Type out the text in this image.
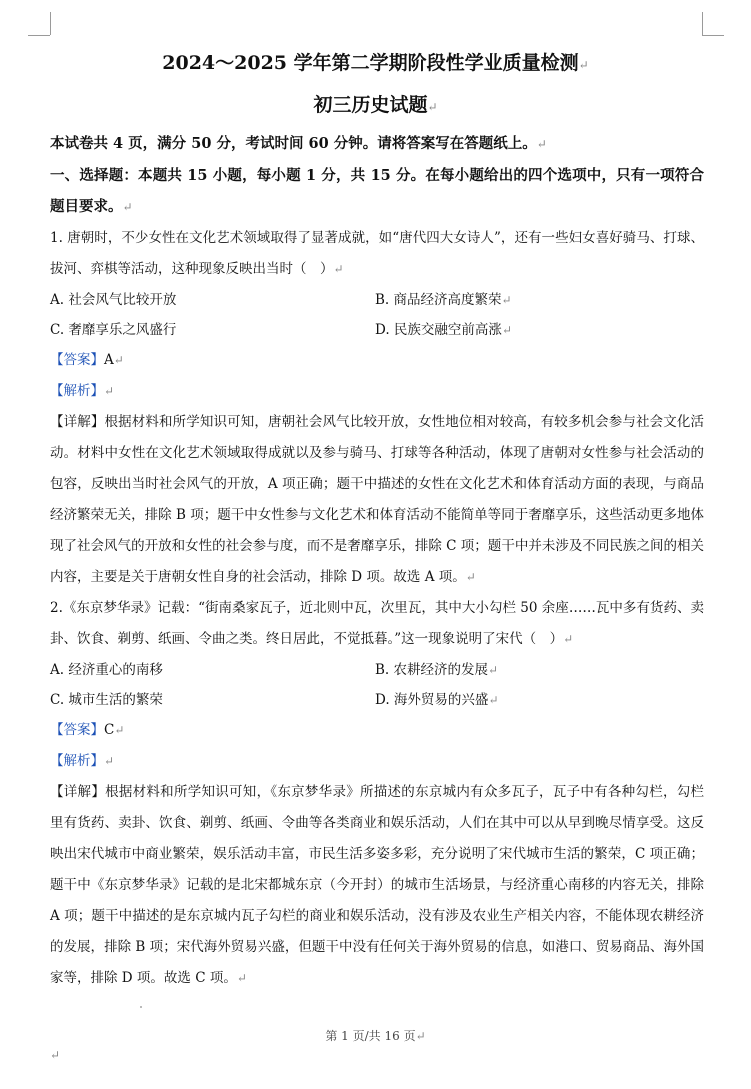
2024～2025 学年第二学期阶段性学业质量检测↵
初三历史试题↵

本试卷共 4 页，满分 50 分，考试时间 60 分钟。请将答案写在答题纸上。↵

一、选择题：本题共 15 小题，每小题 1 分，共 15 分。在每小题给出的四个选项中，只有一项符合题目要求。↵

1. 唐朝时，不少女性在文化艺术领域取得了显著成就，如“唐代四大女诗人”，还有一些妇女喜好骑马、打球、拔河、弈棋等活动，这种现象反映出当时（　）↵

A. 社会风气比较开放	B. 商品经济高度繁荣↵
C. 奢靡享乐之风盛行	D. 民族交融空前高涨↵

【答案】A↵

【解析】↵

【详解】根据材料和所学知识可知，唐朝社会风气比较开放，女性地位相对较高，有较多机会参与社会文化活动。材料中女性在文化艺术领域取得成就以及参与骑马、打球等各种活动，体现了唐朝对女性参与社会活动的包容，反映出当时社会风气的开放，A 项正确；题干中描述的女性在文化艺术和体育活动方面的表现，与商品经济繁荣无关，排除 B 项；题干中女性参与文化艺术和体育活动不能简单等同于奢靡享乐，这些活动更多地体现了社会风气的开放和女性的社会参与度，而不是奢靡享乐，排除 C 项；题干中并未涉及不同民族之间的相关内容，主要是关于唐朝女性自身的社会活动，排除 D 项。故选 A 项。↵

2.《东京梦华录》记载：“街南桑家瓦子，近北则中瓦，次里瓦，其中大小勾栏 50 余座……瓦中多有货药、卖卦、饮食、剃剪、纸画、令曲之类。终日居此，不觉抵暮。”这一现象说明了宋代（　）↵

A. 经济重心的南移	B. 农耕经济的发展↵
C. 城市生活的繁荣	D. 海外贸易的兴盛↵

【答案】C↵

【解析】↵

【详解】根据材料和所学知识可知，《东京梦华录》所描述的东京城内有众多瓦子，瓦子中有各种勾栏，勾栏里有货药、卖卦、饮食、剃剪、纸画、令曲等各类商业和娱乐活动，人们在其中可以从早到晚尽情享受。这反映出宋代城市中商业繁荣，娱乐活动丰富，市民生活多姿多彩，充分说明了宋代城市生活的繁荣，C 项正确；题干中《东京梦华录》记载的是北宋都城东京（今开封）的城市生活场景，与经济重心南移的内容无关，排除 A 项；题干中描述的是东京城内瓦子勾栏的商业和娱乐活动，没有涉及农业生产相关内容，不能体现农耕经济的发展，排除 B 项；宋代海外贸易兴盛，但题干中没有任何关于海外贸易的信息，如港口、贸易商品、海外国家等，排除 D 项。故选 C 项。↵

第 1 页/共 16 页↵
↵
